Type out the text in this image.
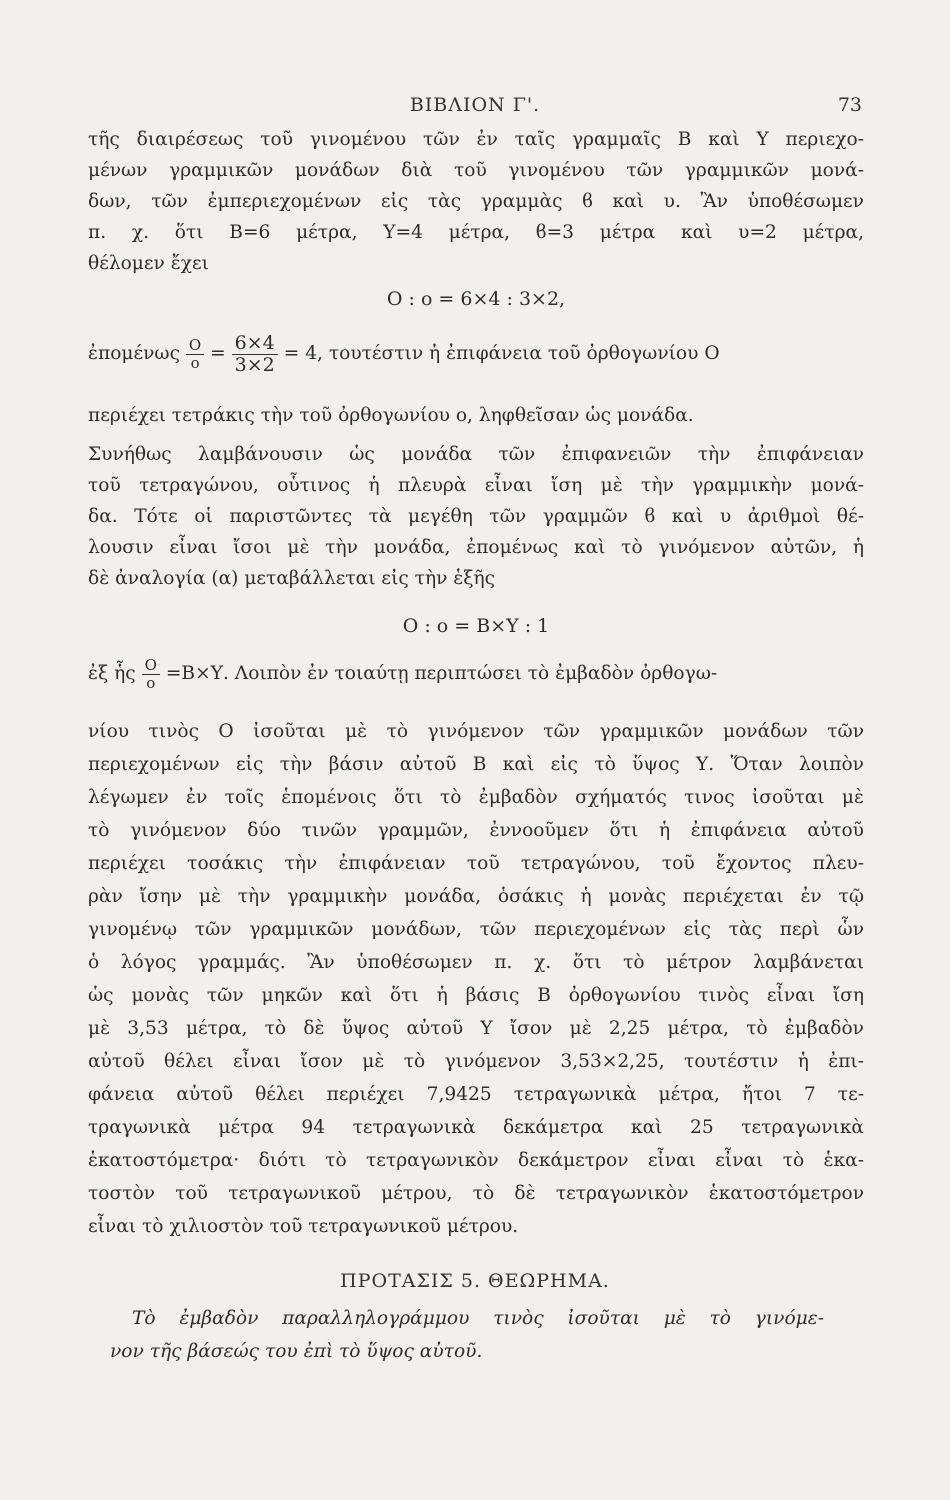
ΒΙΒΛΙΟΝ Γ'.	73
τῆς διαιρέσεως τοῦ γινομένου τῶν ἐν ταῖς γραμμαῖς Β καὶ Υ περιεχο-
μένων γραμμικῶν μονάδων διὰ τοῦ γινομένου τῶν γραμμικῶν μονά-
δων, τῶν ἐμπεριεχομένων εἰς τὰς γραμμὰς ϐ καὶ υ. Ἂν ὑποθέσωμεν
π. χ. ὅτι Β=6 μέτρα, Υ=4 μέτρα, ϐ=3 μέτρα καὶ υ=2 μέτρα,
θέλομεν ἔχει
Ο : ο = 6×4 : 3×2,
ἐπομένως $\frac{O}{o} = \frac{6\times 4}{3\times 2} = 4$, τουτέστιν ἡ ἐπιφάνεια τοῦ ὀρθογωνίου Ο
περιέχει τετράκις τὴν τοῦ ὀρθογωνίου ο, ληφθεῖσαν ὡς μονάδα.
Συνήθως λαμβάνουσιν ὡς μονάδα τῶν ἐπιφανειῶν τὴν ἐπιφάνειαν
τοῦ τετραγώνου, οὗτινος ἡ πλευρὰ εἶναι ἴση μὲ τὴν γραμμικὴν μονά-
δα. Τότε οἱ παριστῶντες τὰ μεγέθη τῶν γραμμῶν ϐ καὶ υ ἀριθμοὶ θέ-
λουσιν εἶναι ἴσοι μὲ τὴν μονάδα, ἐπομένως καὶ τὸ γινόμενον αὐτῶν, ἡ
δὲ ἀναλογία (α) μεταβάλλεται εἰς τὴν ἑξῆς
Ο : ο = Β×Υ : 1
ἐξ ἧς $\frac{O}{o} =B\times\Upsilon$. Λοιπὸν ἐν τοιαύτῃ περιπτώσει τὸ ἐμβαδὸν ὀρθογω-
νίου τινὸς Ο ἰσοῦται μὲ τὸ γινόμενον τῶν γραμμικῶν μονάδων τῶν
περιεχομένων εἰς τὴν βάσιν αὐτοῦ Β καὶ εἰς τὸ ὕψος Υ. Ὅταν λοιπὸν
λέγωμεν ἐν τοῖς ἑπομένοις ὅτι τὸ ἐμβαδὸν σχήματός τινος ἰσοῦται μὲ
τὸ γινόμενον δύο τινῶν γραμμῶν, ἐννοοῦμεν ὅτι ἡ ἐπιφάνεια αὐτοῦ
περιέχει τοσάκις τὴν ἐπιφάνειαν τοῦ τετραγώνου, τοῦ ἔχοντος πλευ-
ρὰν ἴσην μὲ τὴν γραμμικὴν μονάδα, ὁσάκις ἡ μονὰς περιέχεται ἐν τῷ
γινομένῳ τῶν γραμμικῶν μονάδων, τῶν περιεχομένων εἰς τὰς περὶ ὧν
ὁ λόγος γραμμάς. Ἂν ὑποθέσωμεν π. χ. ὅτι τὸ μέτρον λαμβάνεται
ὡς μονὰς τῶν μηκῶν καὶ ὅτι ἡ βάσις Β ὀρθογωνίου τινὸς εἶναι ἴση
μὲ 3,53 μέτρα, τὸ δὲ ὕψος αὐτοῦ Υ ἴσον μὲ 2,25 μέτρα, τὸ ἐμβαδὸν
αὐτοῦ θέλει εἶναι ἴσον μὲ τὸ γινόμενον 3,53×2,25, τουτέστιν ἡ ἐπι-
φάνεια αὐτοῦ θέλει περιέχει 7,9425 τετραγωνικὰ μέτρα, ἤτοι 7 τε-
τραγωνικὰ μέτρα 94 τετραγωνικὰ δεκάμετρα καὶ 25 τετραγωνικὰ
ἑκατοστόμετρα· διότι τὸ τετραγωνικὸν δεκάμετρον εἶναι εἶναι τὸ ἑκα-
τοστὸν τοῦ τετραγωνικοῦ μέτρου, τὸ δὲ τετραγωνικὸν ἑκατοστόμετρον
εἶναι τὸ χιλιοστὸν τοῦ τετραγωνικοῦ μέτρου.
ΠΡΟΤΑΣΙΣ 5. ΘΕΩΡΗΜΑ.
Τὸ ἐμβαδὸν παραλληλογράμμου τινὸς ἰσοῦται μὲ τὸ γινόμε-
νον τῆς βάσεώς του ἐπὶ τὸ ὕψος αὐτοῦ.
